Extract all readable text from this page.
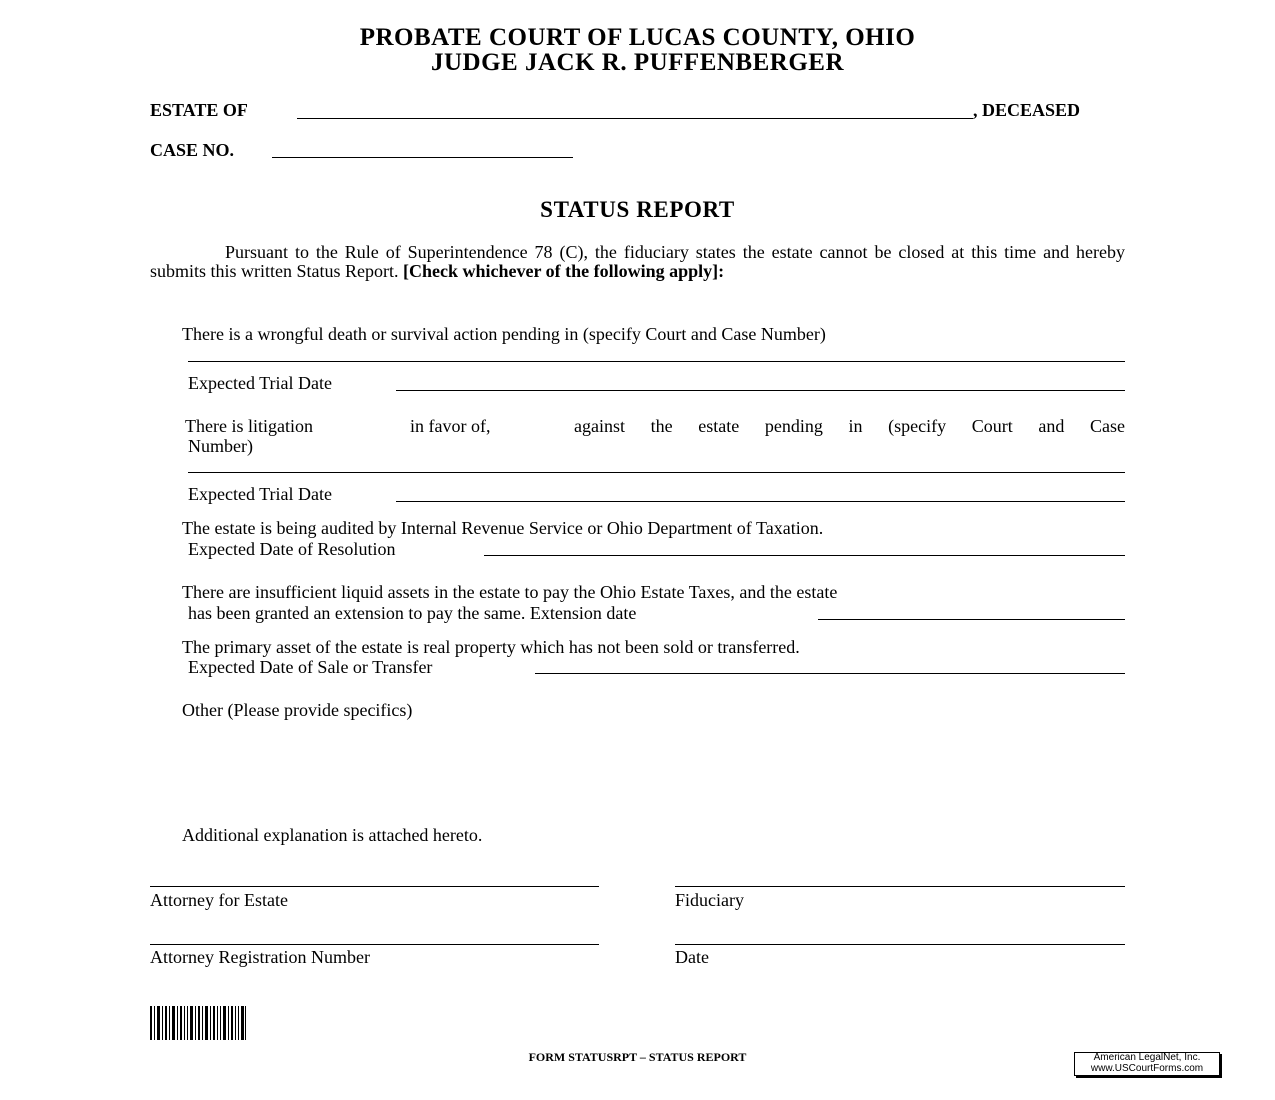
PROBATE COURT OF LUCAS COUNTY, OHIO
JUDGE JACK R. PUFFENBERGER
ESTATE OF	, DECEASED
CASE NO.
STATUS REPORT
Pursuant to the Rule of Superintendence 78 (C), the fiduciary states the estate cannot be closed at this time and hereby submits this written Status Report. [Check whichever of the following apply]:
There is a wrongful death or survival action pending in (specify Court and Case Number)
Expected Trial Date
There is litigation	in favor of,	against the estate pending in (specify Court and Case
Number)
Expected Trial Date
The estate is being audited by Internal Revenue Service or Ohio Department of Taxation.
Expected Date of Resolution
There are insufficient liquid assets in the estate to pay the Ohio Estate Taxes, and the estate
has been granted an extension to pay the same. Extension date
The primary asset of the estate is real property which has not been sold or transferred.
Expected Date of Sale or Transfer
Other (Please provide specifics)
Additional explanation is attached hereto.
Attorney for Estate	Fiduciary
Attorney Registration Number	Date
FORM STATUSRPT – STATUS REPORT	American LegalNet, Inc.
www.USCourtForms.com
